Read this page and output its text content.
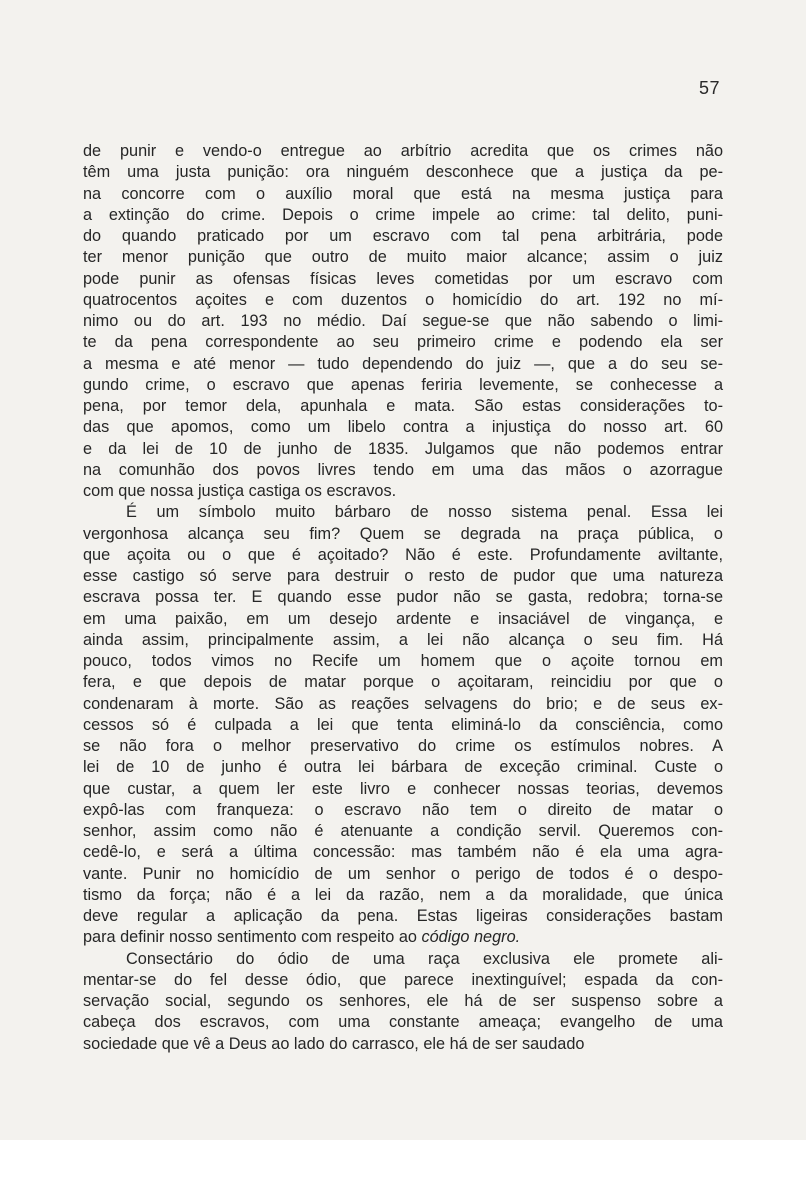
57

de punir e vendo-o entregue ao arbítrio acredita que os crimes não
têm uma justa punição: ora ninguém desconhece que a justiça da pe-
na concorre com o auxílio moral que está na mesma justiça para
a extinção do crime. Depois o crime impele ao crime: tal delito, puni-
do quando praticado por um escravo com tal pena arbitrária, pode
ter menor punição que outro de muito maior alcance; assim o juiz
pode punir as ofensas físicas leves cometidas por um escravo com
quatrocentos açoites e com duzentos o homicídio do art. 192 no mí-
nimo ou do art. 193 no médio. Daí segue-se que não sabendo o limi-
te da pena correspondente ao seu primeiro crime e podendo ela ser
a mesma e até menor — tudo dependendo do juiz —, que a do seu se-
gundo crime, o escravo que apenas feriria levemente, se conhecesse a
pena, por temor dela, apunhala e mata. São estas considerações to-
das que apomos, como um libelo contra a injustiça do nosso art. 60
e da lei de 10 de junho de 1835. Julgamos que não podemos entrar
na comunhão dos povos livres tendo em uma das mãos o azorrague
com que nossa justiça castiga os escravos.

É um símbolo muito bárbaro de nosso sistema penal. Essa lei
vergonhosa alcança seu fim? Quem se degrada na praça pública, o
que açoita ou o que é açoitado? Não é este. Profundamente aviltante,
esse castigo só serve para destruir o resto de pudor que uma natureza
escrava possa ter. E quando esse pudor não se gasta, redobra; torna-se
em uma paixão, em um desejo ardente e insaciável de vingança, e
ainda assim, principalmente assim, a lei não alcança o seu fim. Há
pouco, todos vimos no Recife um homem que o açoite tornou em
fera, e que depois de matar porque o açoitaram, reincidiu por que o
condenaram à morte. São as reações selvagens do brio; e de seus ex-
cessos só é culpada a lei que tenta eliminá-lo da consciência, como
se não fora o melhor preservativo do crime os estímulos nobres. A
lei de 10 de junho é outra lei bárbara de exceção criminal. Custe o
que custar, a quem ler este livro e conhecer nossas teorias, devemos
expô-las com franqueza: o escravo não tem o direito de matar o
senhor, assim como não é atenuante a condição servil. Queremos con-
cedê-lo, e será a última concessão: mas também não é ela uma agra-
vante. Punir no homicídio de um senhor o perigo de todos é o despo-
tismo da força; não é a lei da razão, nem a da moralidade, que única
deve regular a aplicação da pena. Estas ligeiras considerações bastam
para definir nosso sentimento com respeito ao código negro.

Consectário do ódio de uma raça exclusiva ele promete ali-
mentar-se do fel desse ódio, que parece inextinguível; espada da con-
servação social, segundo os senhores, ele há de ser suspenso sobre a
cabeça dos escravos, com uma constante ameaça; evangelho de uma
sociedade que vê a Deus ao lado do carrasco, ele há de ser saudado
